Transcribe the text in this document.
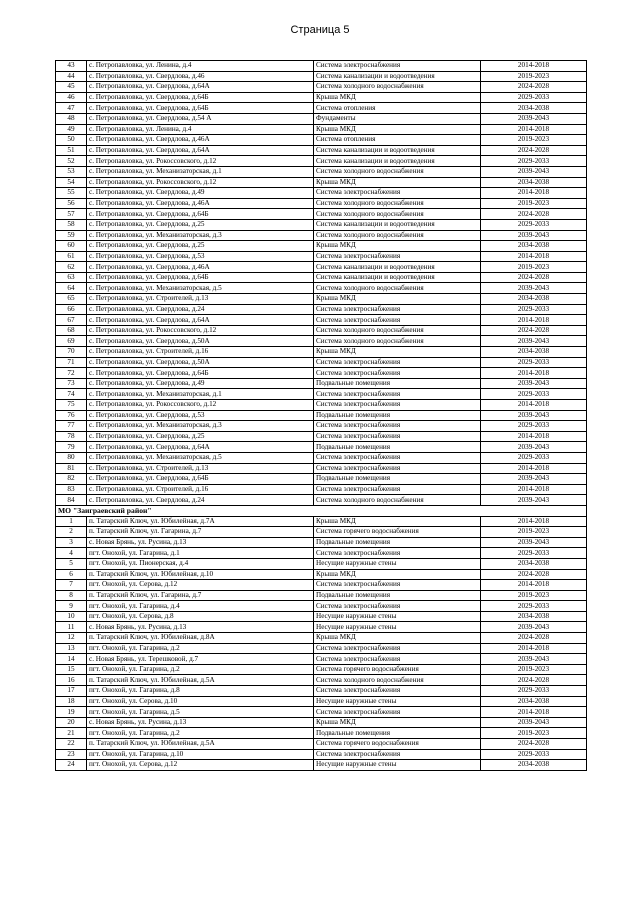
Страница 5
43	с. Петропавловка, ул. Ленина, д.4	Система электроснабжения	2014-2018
44	с. Петропавловка, ул. Свердлова, д.46	Система канализации и водоотведения	2019-2023
45	с. Петропавловка, ул. Свердлова, д.64А	Система холодного водоснабжения	2024-2028
46	с. Петропавловка, ул. Свердлова, д.64Б	Крыша МКД	2029-2033
47	с. Петропавловка, ул. Свердлова, д.64Б	Система отопления	2034-2038
48	с. Петропавловка, ул. Свердлова, д.54 А	Фундаменты	2039-2043
49	с. Петропавловка, ул. Ленина, д.4	Крыша МКД	2014-2018
50	с. Петропавловка, ул. Свердлова, д.46А	Система отопления	2019-2023
51	с. Петропавловка, ул. Свердлова, д.64А	Система канализации и водоотведения	2024-2028
52	с. Петропавловка, ул. Рокоссовского, д.12	Система канализации и водоотведения	2029-2033
53	с. Петропавловка, ул. Механизаторская, д.1	Система холодного водоснабжения	2039-2043
54	с. Петропавловка, ул. Рокоссовского, д.12	Крыша МКД	2034-2038
55	с. Петропавловка, ул. Свердлова, д.49	Система электроснабжения	2014-2018
56	с. Петропавловка, ул. Свердлова, д.46А	Система холодного водоснабжения	2019-2023
57	с. Петропавловка, ул. Свердлова, д.64Б	Система холодного водоснабжения	2024-2028
58	с. Петропавловка, ул. Свердлова, д.25	Система канализации и водоотведения	2029-2033
59	с. Петропавловка, ул. Механизаторская, д.3	Система холодного водоснабжения	2039-2043
60	с. Петропавловка, ул. Свердлова, д.25	Крыша МКД	2034-2038
61	с. Петропавловка, ул. Свердлова, д.53	Система электроснабжения	2014-2018
62	с. Петропавловка, ул. Свердлова, д.46А	Система канализации и водоотведения	2019-2023
63	с. Петропавловка, ул. Свердлова, д.64Б	Система канализации и водоотведения	2024-2028
64	с. Петропавловка, ул. Механизаторская, д.5	Система холодного водоснабжения	2039-2043
65	с. Петропавловка, ул. Строителей, д.13	Крыша МКД	2034-2038
66	с. Петропавловка, ул. Свердлова, д.24	Система электроснабжения	2029-2033
67	с. Петропавловка, ул. Свердлова, д.64А	Система электроснабжения	2014-2018
68	с. Петропавловка, ул. Рокоссовского, д.12	Система холодного водоснабжения	2024-2028
69	с. Петропавловка, ул. Свердлова, д.50А	Система холодного водоснабжения	2039-2043
70	с. Петропавловка, ул. Строителей, д.16	Крыша МКД	2034-2038
71	с. Петропавловка, ул. Свердлова, д.50А	Система электроснабжения	2029-2033
72	с. Петропавловка, ул. Свердлова, д.64Б	Система электроснабжения	2014-2018
73	с. Петропавловка, ул. Свердлова, д.49	Подвальные помещения	2039-2043
74	с. Петропавловка, ул. Механизаторская, д.1	Система электроснабжения	2029-2033
75	с. Петропавловка, ул. Рокоссовского, д.12	Система электроснабжения	2014-2018
76	с. Петропавловка, ул. Свердлова, д.53	Подвальные помещения	2039-2043
77	с. Петропавловка, ул. Механизаторская, д.3	Система электроснабжения	2029-2033
78	с. Петропавловка, ул. Свердлова, д.25	Система электроснабжения	2014-2018
79	с. Петропавловка, ул. Свердлова, д.64А	Подвальные помещения	2039-2043
80	с. Петропавловка, ул. Механизаторская, д.5	Система электроснабжения	2029-2033
81	с. Петропавловка, ул. Строителей, д.13	Система электроснабжения	2014-2018
82	с. Петропавловка, ул. Свердлова, д.64Б	Подвальные помещения	2039-2043
83	с. Петропавловка, ул. Строителей, д.16	Система электроснабжения	2014-2018
84	с. Петропавловка, ул. Свердлова, д.24	Система холодного водоснабжения	2039-2043
МО "Заиграевский район"			
1	п. Татарский Ключ, ул. Юбилейная, д.7А	Крыша МКД	2014-2018
2	п. Татарский Ключ, ул. Гагарина, д.7	Система горячего водоснабжения	2019-2023
3	с. Новая Брянь, ул. Русина, д.13	Подвальные помещения	2039-2043
4	пгт. Онохой, ул. Гагарина, д.1	Система электроснабжения	2029-2033
5	пгт. Онохой, ул. Пионерская, д.4	Несущие наружные стены	2034-2038
6	п. Татарский Ключ, ул. Юбилейная, д.10	Крыша МКД	2024-2028
7	пгт. Онохой, ул. Серова, д.12	Система электроснабжения	2014-2018
8	п. Татарский Ключ, ул. Гагарина, д.7	Подвальные помещения	2019-2023
9	пгт. Онохой, ул. Гагарина, д.4	Система электроснабжения	2029-2033
10	пгт. Онохой, ул. Серова, д.8	Несущие наружные стены	2034-2038
11	с. Новая Брянь, ул. Русина, д.13	Несущие наружные стены	2039-2043
12	п. Татарский Ключ, ул. Юбилейная, д.8А	Крыша МКД	2024-2028
13	пгт. Онохой, ул. Гагарина, д.2	Система электроснабжения	2014-2018
14	с. Новая Брянь, ул. Терешковой, д.7	Система электроснабжения	2039-2043
15	пгт. Онохой, ул. Гагарина, д.2	Система горячего водоснабжения	2019-2023
16	п. Татарский Ключ, ул. Юбилейная, д.5А	Система холодного водоснабжения	2024-2028
17	пгт. Онохой, ул. Гагарина, д.8	Система электроснабжения	2029-2033
18	пгт. Онохой, ул. Серова, д.10	Несущие наружные стены	2034-2038
19	пгт. Онохой, ул. Гагарина, д.5	Система электроснабжения	2014-2018
20	с. Новая Брянь, ул. Русина, д.13	Крыша МКД	2039-2043
21	пгт. Онохой, ул. Гагарина, д.2	Подвальные помещения	2019-2023
22	п. Татарский Ключ, ул. Юбилейная, д.5А	Система горячего водоснабжения	2024-2028
23	пгт. Онохой, ул. Гагарина, д.10	Система электроснабжения	2029-2033
24	пгт. Онохой, ул. Серова, д.12	Несущие наружные стены	2034-2038
